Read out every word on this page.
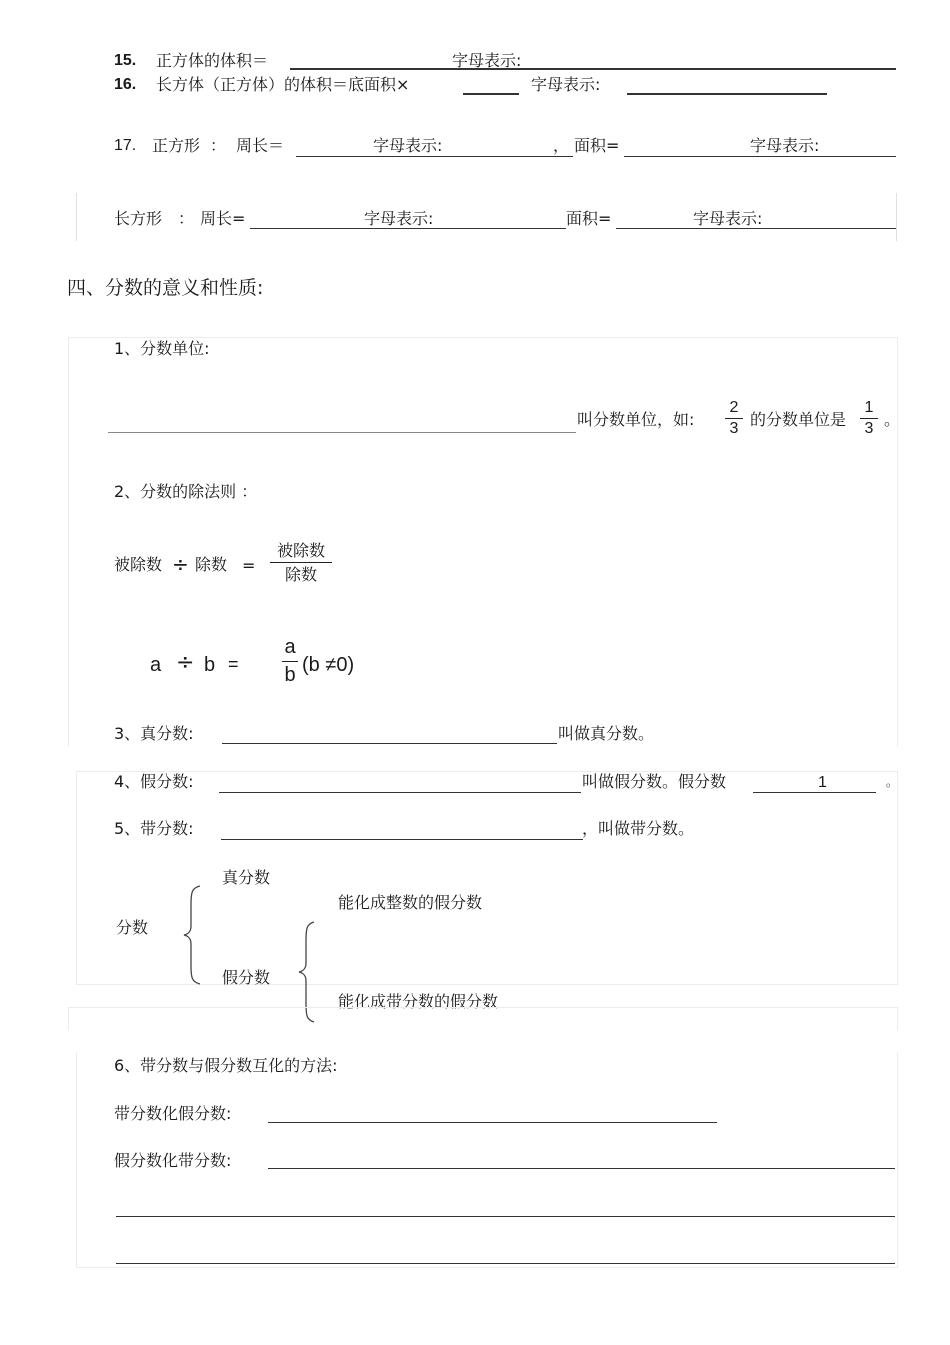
15. 正方体的体积＝	字母表示:
16. 长方体（正方体）的体积＝底面积×	字母表示:
17. 正方形 ： 周长＝	字母表示:	， 面积=	字母表示:
长方形 ： 周长=	字母表示:	面积=	字母表示:
四、分数的意义和性质:
1、分数单位:
叫分数单位，如:
2
3 的分数单位是
1
3 。
2、分数的除法则 ：
被除数 ÷ 除数 =
被除数
除数
a ÷ b =
a
b (b ≠0)
3、真分数:	叫做真分数。
4、假分数:	叫做假分数。假分数	1	。
5、带分数:	，叫做带分数。
真分数
分数
假分数
能化成整数的假分数
能化成带分数的假分数
6、带分数与假分数互化的方法:
带分数化假分数:
假分数化带分数:
